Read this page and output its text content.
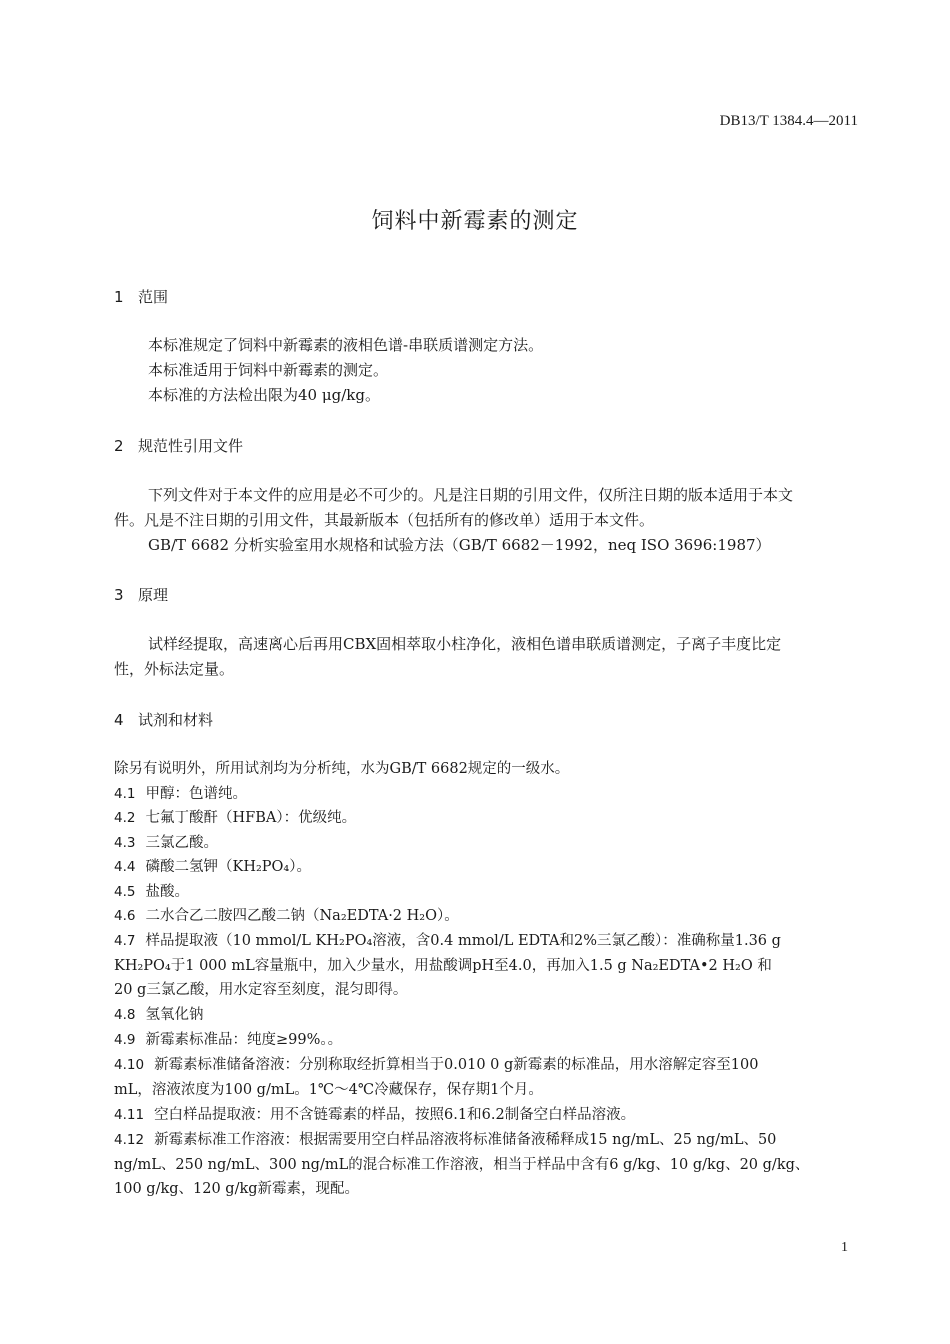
DB13/T 1384.4—2011
饲料中新霉素的测定
1 范围
本标准规定了饲料中新霉素的液相色谱-串联质谱测定方法。
本标准适用于饲料中新霉素的测定。
本标准的方法检出限为40 μg/kg。
2 规范性引用文件
下列文件对于本文件的应用是必不可少的。凡是注日期的引用文件，仅所注日期的版本适用于本文
件。凡是不注日期的引用文件，其最新版本（包括所有的修改单）适用于本文件。
GB/T 6682 分析实验室用水规格和试验方法（GB/T 6682－1992，neq ISO 3696:1987）
3 原理
试样经提取，高速离心后再用CBX固相萃取小柱净化，液相色谱串联质谱测定，子离子丰度比定
性，外标法定量。
4 试剂和材料
除另有说明外，所用试剂均为分析纯，水为GB/T 6682规定的一级水。
4.1 甲醇：色谱纯。
4.2 七氟丁酸酐（HFBA）：优级纯。
4.3 三氯乙酸。
4.4 磷酸二氢钾（KH₂PO₄）。
4.5 盐酸。
4.6 二水合乙二胺四乙酸二钠（Na₂EDTA·2 H₂O）。
4.7 样品提取液（10 mmol/L KH₂PO₄溶液，含0.4 mmol/L EDTA和2%三氯乙酸）：准确称量1.36 g
KH₂PO₄于1 000 mL容量瓶中，加入少量水，用盐酸调pH至4.0，再加入1.5 g Na₂EDTA•2 H₂O 和
20 g三氯乙酸，用水定容至刻度，混匀即得。
4.8 氢氧化钠
4.9 新霉素标准品：纯度≥99%。。
4.10 新霉素标准储备溶液：分别称取经折算相当于0.010 0 g新霉素的标准品，用水溶解定容至100
mL，溶液浓度为100 g/mL。1℃～4℃冷藏保存，保存期1个月。
4.11 空白样品提取液：用不含链霉素的样品，按照6.1和6.2制备空白样品溶液。
4.12 新霉素标准工作溶液：根据需要用空白样品溶液将标准储备液稀释成15 ng/mL、25 ng/mL、50
ng/mL、250 ng/mL、300 ng/mL的混合标准工作溶液，相当于样品中含有6 g/kg、10 g/kg、20 g/kg、
100 g/kg、120 g/kg新霉素，现配。
1
